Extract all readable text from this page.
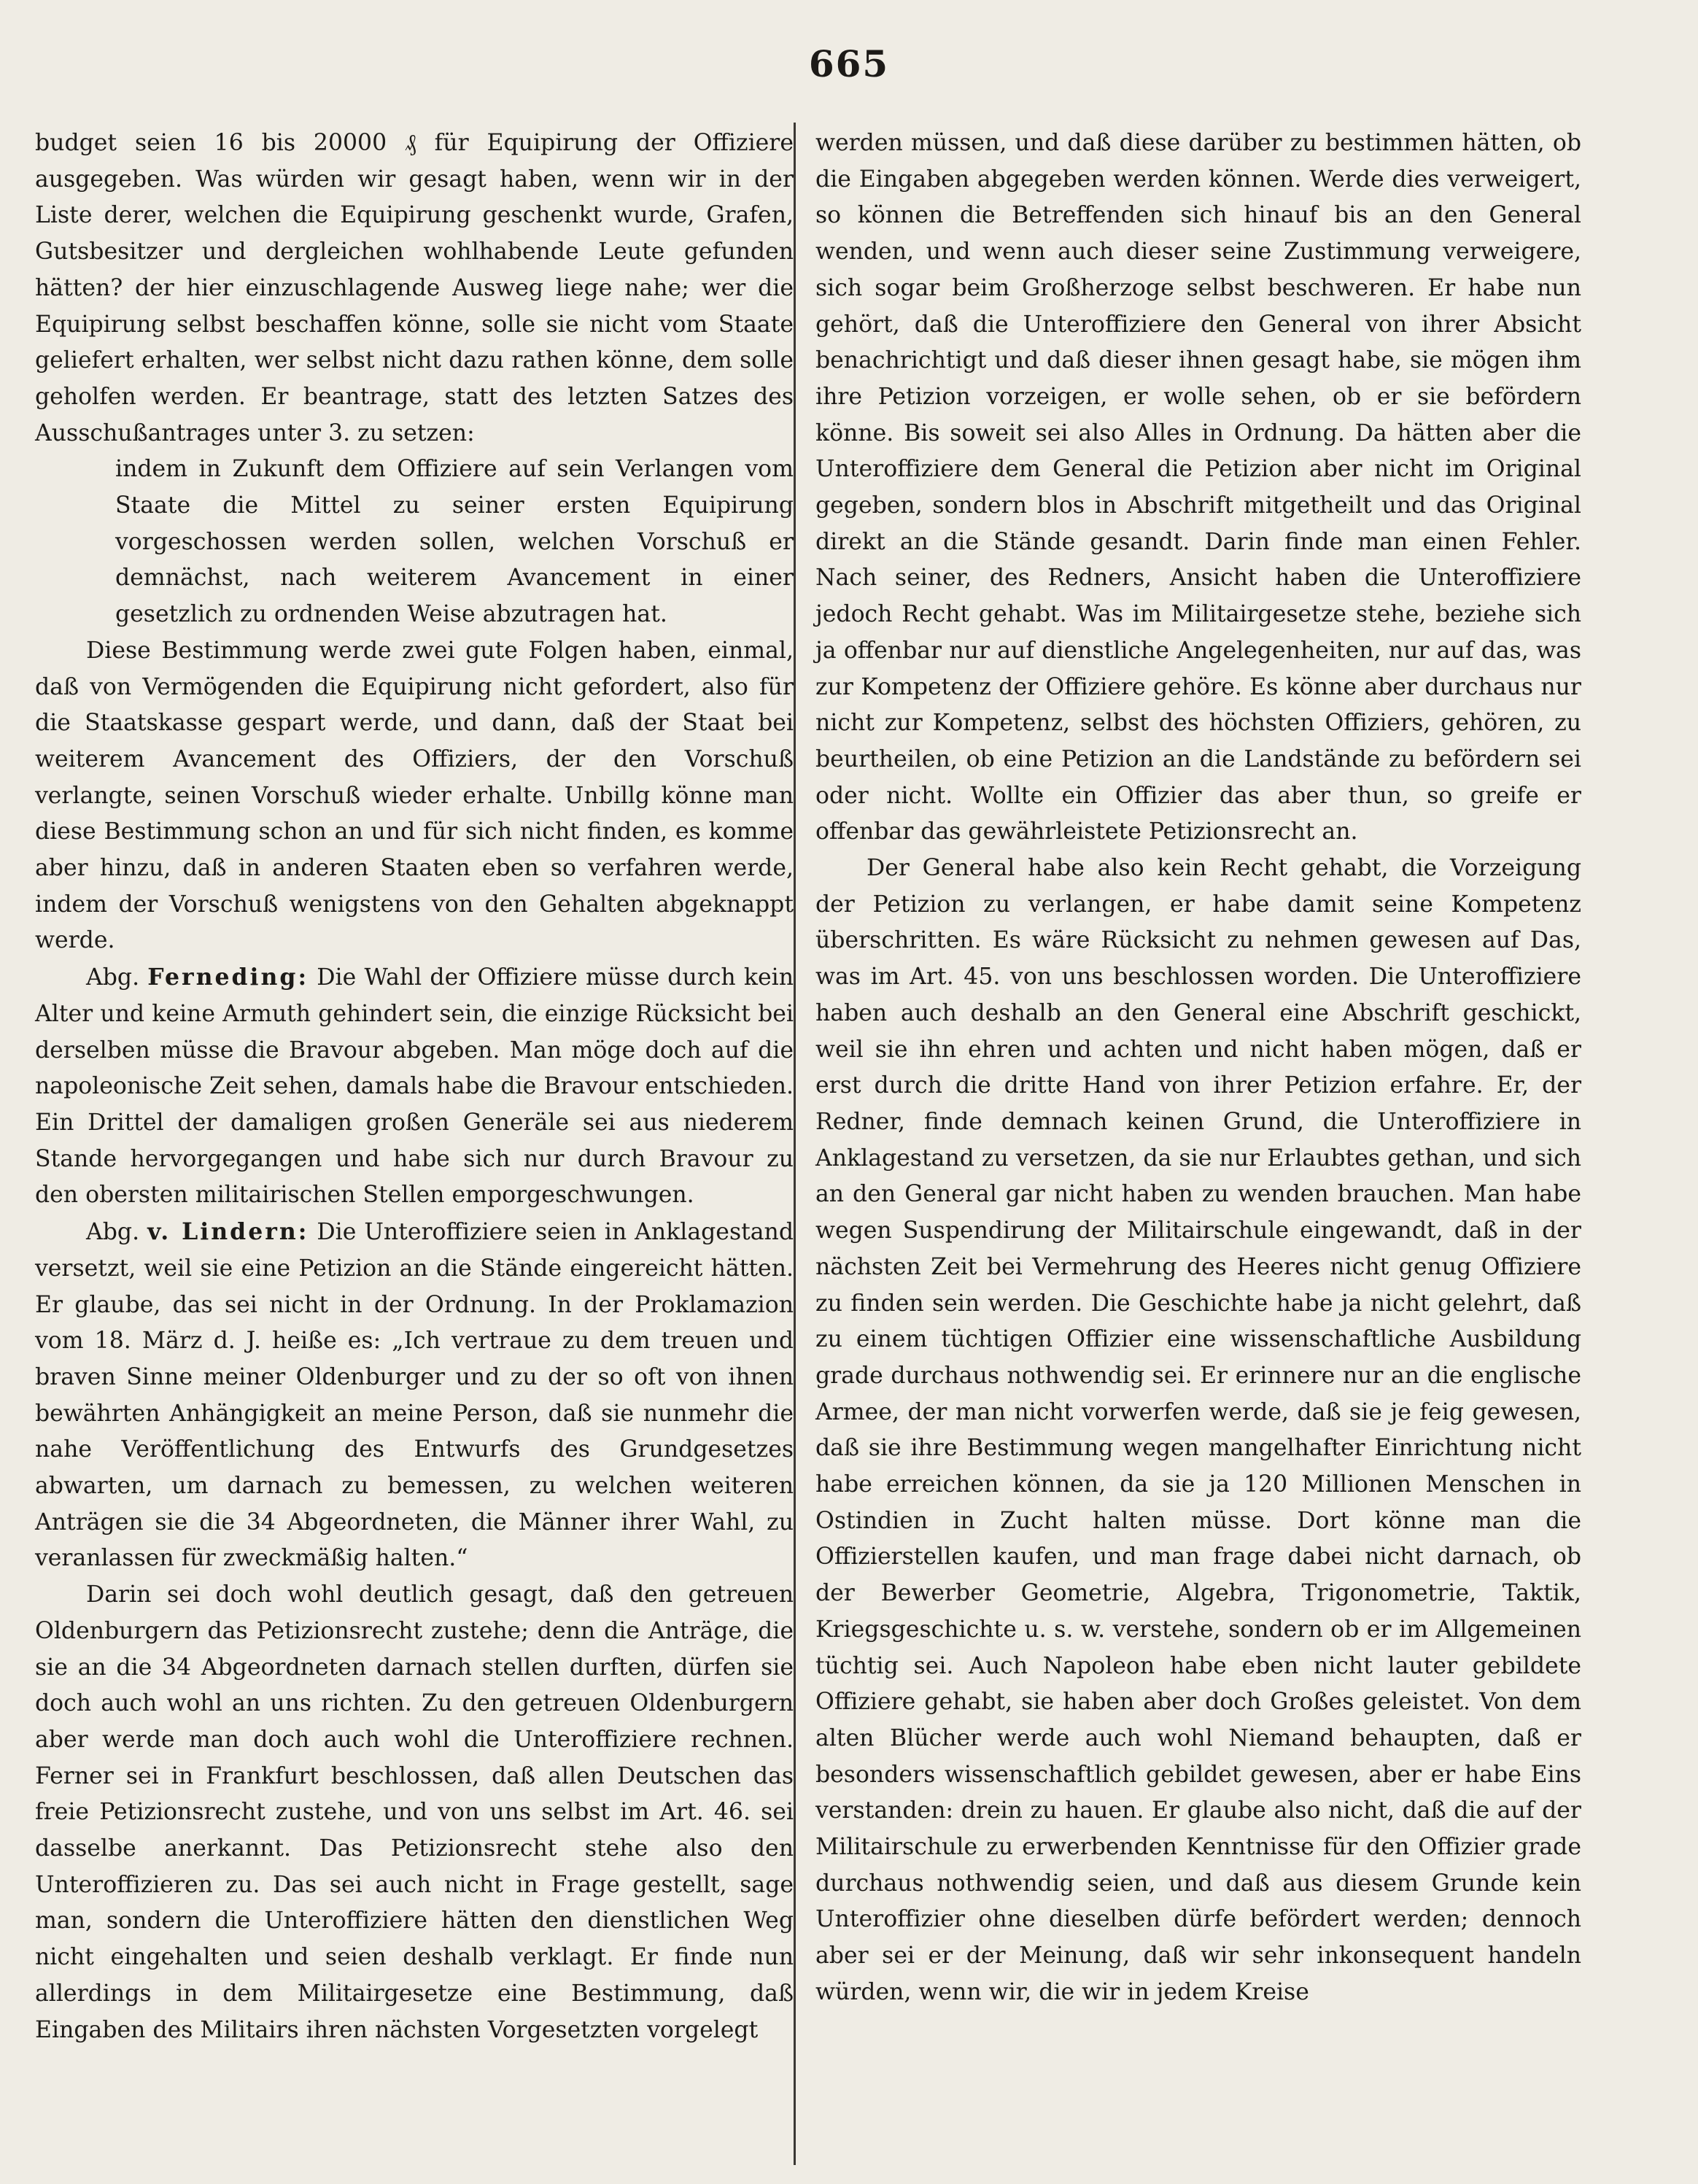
665

budget seien 16 bis 20000 ₰ für Equipirung der Offiziere ausgegeben. Was würden wir gesagt haben, wenn wir in der Liste derer, welchen die Equipirung geschenkt wurde, Grafen, Gutsbesitzer und dergleichen wohlhabende Leute gefunden hätten? der hier einzuschlagende Ausweg liege nahe; wer die Equipirung selbst beschaffen könne, solle sie nicht vom Staate geliefert erhalten, wer selbst nicht dazu rathen könne, dem solle geholfen werden. Er beantrage, statt des letzten Satzes des Ausschußantrages unter 3. zu setzen:

indem in Zukunft dem Offiziere auf sein Verlangen vom Staate die Mittel zu seiner ersten Equipirung vorgeschossen werden sollen, welchen Vorschuß er demnächst, nach weiterem Avancement in einer gesetzlich zu ordnenden Weise abzutragen hat.

Diese Bestimmung werde zwei gute Folgen haben, einmal, daß von Vermögenden die Equipirung nicht gefordert, also für die Staatskasse gespart werde, und dann, daß der Staat bei weiterem Avancement des Offiziers, der den Vorschuß verlangte, seinen Vorschuß wieder erhalte. Unbillg könne man diese Bestimmung schon an und für sich nicht finden, es komme aber hinzu, daß in anderen Staaten eben so verfahren werde, indem der Vorschuß wenigstens von den Gehalten abgeknappt werde.

Abg. Ferneding: Die Wahl der Offiziere müsse durch kein Alter und keine Armuth gehindert sein, die einzige Rücksicht bei derselben müsse die Bravour abgeben. Man möge doch auf die napoleonische Zeit sehen, damals habe die Bravour entschieden. Ein Drittel der damaligen großen Generäle sei aus niederem Stande hervorgegangen und habe sich nur durch Bravour zu den obersten militairischen Stellen emporgeschwungen.

Abg. v. Lindern: Die Unteroffiziere seien in Anklagestand versetzt, weil sie eine Petizion an die Stände eingereicht hätten. Er glaube, das sei nicht in der Ordnung. In der Proklamazion vom 18. März d. J. heiße es: „Ich vertraue zu dem treuen und braven Sinne meiner Oldenburger und zu der so oft von ihnen bewährten Anhängigkeit an meine Person, daß sie nunmehr die nahe Veröffentlichung des Entwurfs des Grundgesetzes abwarten, um darnach zu bemessen, zu welchen weiteren Anträgen sie die 34 Abgeordneten, die Männer ihrer Wahl, zu veranlassen für zweckmäßig halten.“

Darin sei doch wohl deutlich gesagt, daß den getreuen Oldenburgern das Petizionsrecht zustehe; denn die Anträge, die sie an die 34 Abgeordneten darnach stellen durften, dürfen sie doch auch wohl an uns richten. Zu den getreuen Oldenburgern aber werde man doch auch wohl die Unteroffiziere rechnen. Ferner sei in Frankfurt beschlossen, daß allen Deutschen das freie Petizionsrecht zustehe, und von uns selbst im Art. 46. sei dasselbe anerkannt. Das Petizionsrecht stehe also den Unteroffizieren zu. Das sei auch nicht in Frage gestellt, sage man, sondern die Unteroffiziere hätten den dienstlichen Weg nicht eingehalten und seien deshalb verklagt. Er finde nun allerdings in dem Militairgesetze eine Bestimmung, daß Eingaben des Militairs ihren nächsten Vorgesetzten vorgelegt

werden müssen, und daß diese darüber zu bestimmen hätten, ob die Eingaben abgegeben werden können. Werde dies verweigert, so können die Betreffenden sich hinauf bis an den General wenden, und wenn auch dieser seine Zustimmung verweigere, sich sogar beim Großherzoge selbst beschweren. Er habe nun gehört, daß die Unteroffiziere den General von ihrer Absicht benachrichtigt und daß dieser ihnen gesagt habe, sie mögen ihm ihre Petizion vorzeigen, er wolle sehen, ob er sie befördern könne. Bis soweit sei also Alles in Ordnung. Da hätten aber die Unteroffiziere dem General die Petizion aber nicht im Original gegeben, sondern blos in Abschrift mitgetheilt und das Original direkt an die Stände gesandt. Darin finde man einen Fehler. Nach seiner, des Redners, Ansicht haben die Unteroffiziere jedoch Recht gehabt. Was im Militairgesetze stehe, beziehe sich ja offenbar nur auf dienstliche Angelegenheiten, nur auf das, was zur Kompetenz der Offiziere gehöre. Es könne aber durchaus nur nicht zur Kompetenz, selbst des höchsten Offiziers, gehören, zu beurtheilen, ob eine Petizion an die Landstände zu befördern sei oder nicht. Wollte ein Offizier das aber thun, so greife er offenbar das gewährleistete Petizionsrecht an.

Der General habe also kein Recht gehabt, die Vorzeigung der Petizion zu verlangen, er habe damit seine Kompetenz überschritten. Es wäre Rücksicht zu nehmen gewesen auf Das, was im Art. 45. von uns beschlossen worden. Die Unteroffiziere haben auch deshalb an den General eine Abschrift geschickt, weil sie ihn ehren und achten und nicht haben mögen, daß er erst durch die dritte Hand von ihrer Petizion erfahre. Er, der Redner, finde demnach keinen Grund, die Unteroffiziere in Anklagestand zu versetzen, da sie nur Erlaubtes gethan, und sich an den General gar nicht haben zu wenden brauchen. Man habe wegen Suspendirung der Militairschule eingewandt, daß in der nächsten Zeit bei Vermehrung des Heeres nicht genug Offiziere zu finden sein werden. Die Geschichte habe ja nicht gelehrt, daß zu einem tüchtigen Offizier eine wissenschaftliche Ausbildung grade durchaus nothwendig sei. Er erinnere nur an die englische Armee, der man nicht vorwerfen werde, daß sie je feig gewesen, daß sie ihre Bestimmung wegen mangelhafter Einrichtung nicht habe erreichen können, da sie ja 120 Millionen Menschen in Ostindien in Zucht halten müsse. Dort könne man die Offizierstellen kaufen, und man frage dabei nicht darnach, ob der Bewerber Geometrie, Algebra, Trigonometrie, Taktik, Kriegsgeschichte u. s. w. verstehe, sondern ob er im Allgemeinen tüchtig sei. Auch Napoleon habe eben nicht lauter gebildete Offiziere gehabt, sie haben aber doch Großes geleistet. Von dem alten Blücher werde auch wohl Niemand behaupten, daß er besonders wissenschaftlich gebildet gewesen, aber er habe Eins verstanden: drein zu hauen. Er glaube also nicht, daß die auf der Militairschule zu erwerbenden Kenntnisse für den Offizier grade durchaus nothwendig seien, und daß aus diesem Grunde kein Unteroffizier ohne dieselben dürfe befördert werden; dennoch aber sei er der Meinung, daß wir sehr inkonsequent handeln würden, wenn wir, die wir in jedem Kreise
